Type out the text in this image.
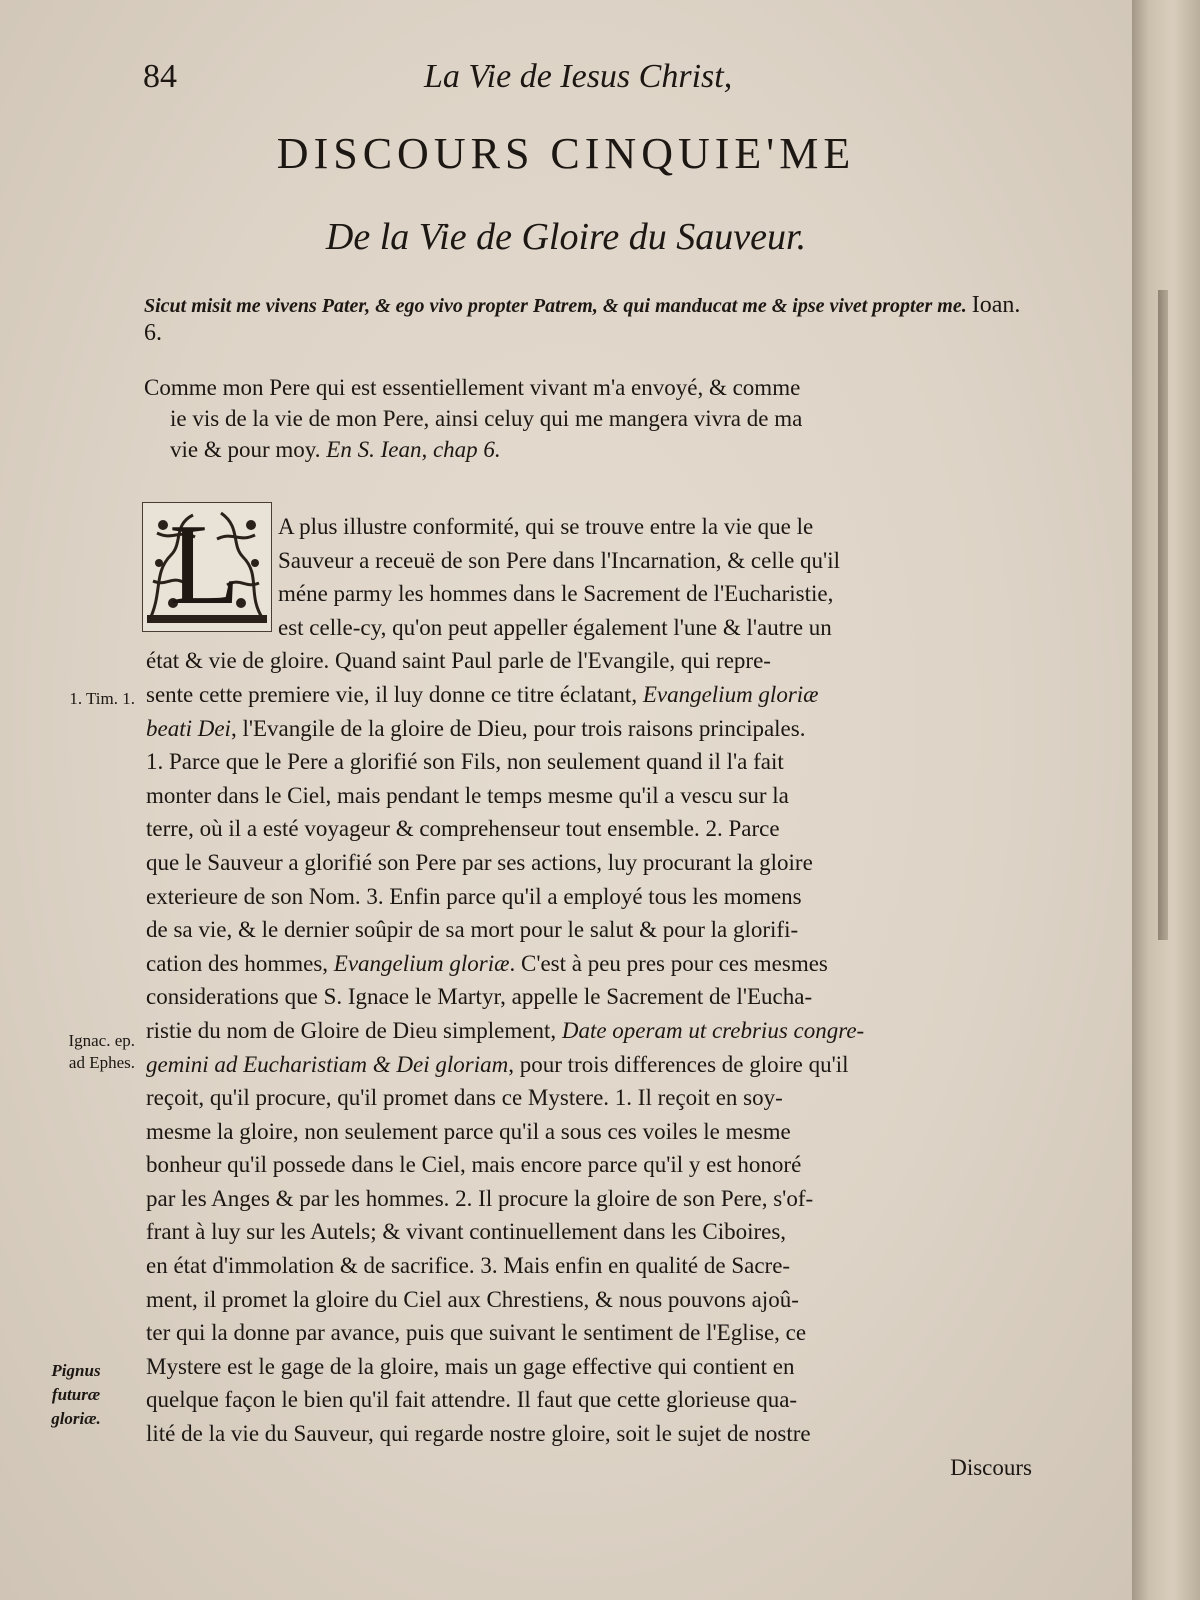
84	La Vie de Iesus Christ,
DISCOURS CINQUIE'ME
De la Vie de Gloire du Sauveur.
Sicut misit me vivens Pater, & ego vivo propter Patrem, & qui manducat me & ipse vivet propter me. Ioan. 6.
Comme mon Pere qui est essentiellement vivant m'a envoyé, & comme
ie vis de la vie de mon Pere, ainsi celuy qui me mangera vivra de ma
vie & pour moy. En S. Iean, chap 6.
L	A plus illustre conformité, qui se trouve entre la vie que le
Sauveur a receuë de son Pere dans l'Incarnation, & celle qu'il
méne parmy les hommes dans le Sacrement de l'Eucharistie,
est celle-cy, qu'on peut appeller également l'une & l'autre un
état & vie de gloire. Quand saint Paul parle de l'Evangile, qui repre-
sente cette premiere vie, il luy donne ce titre éclatant, Evangelium gloriæ
beati Dei, l'Evangile de la gloire de Dieu, pour trois raisons principales.
1. Parce que le Pere a glorifié son Fils, non seulement quand il l'a fait
monter dans le Ciel, mais pendant le temps mesme qu'il a vescu sur la
terre, où il a esté voyageur & comprehenseur tout ensemble. 2. Parce
que le Sauveur a glorifié son Pere par ses actions, luy procurant la gloire
exterieure de son Nom. 3. Enfin parce qu'il a employé tous les momens
de sa vie, & le dernier soûpir de sa mort pour le salut & pour la glorifi-
cation des hommes, Evangelium gloriæ. C'est à peu pres pour ces mesmes
considerations que S. Ignace le Martyr, appelle le Sacrement de l'Eucha-
ristie du nom de Gloire de Dieu simplement, Date operam ut crebrius congre-
gemini ad Eucharistiam & Dei gloriam, pour trois differences de gloire qu'il
reçoit, qu'il procure, qu'il promet dans ce Mystere. 1. Il reçoit en soy-
mesme la gloire, non seulement parce qu'il a sous ces voiles le mesme
bonheur qu'il possede dans le Ciel, mais encore parce qu'il y est honoré
par les Anges & par les hommes. 2. Il procure la gloire de son Pere, s'of-
frant à luy sur les Autels; & vivant continuellement dans les Ciboires,
en état d'immolation & de sacrifice. 3. Mais enfin en qualité de Sacre-
ment, il promet la gloire du Ciel aux Chrestiens, & nous pouvons ajoû-
ter qui la donne par avance, puis que suivant le sentiment de l'Eglise, ce
Mystere est le gage de la gloire, mais un gage effective qui contient en
quelque façon le bien qu'il fait attendre. Il faut que cette glorieuse qua-
lité de la vie du Sauveur, qui regarde nostre gloire, soit le sujet de nostre
1. Tim. 1.
Ignac. ep.
ad Ephes.
Pignus
futuræ
gloriæ.
Discours
